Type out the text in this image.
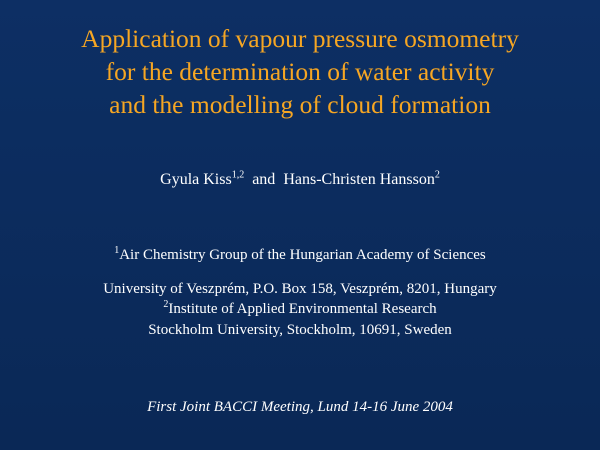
Application of vapour pressure osmometry
for the determination of water activity
and the modelling of cloud formation
Gyula Kiss$^{1,2}$ and Hans-Christen Hansson$^2$
$^1$Air Chemistry Group of the Hungarian Academy of Sciences
University of Veszprém, P.O. Box 158, Veszprém, 8201, Hungary
$^2$Institute of Applied Environmental Research
Stockholm University, Stockholm, 10691, Sweden
First Joint BACCI Meeting, Lund 14-16 June 2004
